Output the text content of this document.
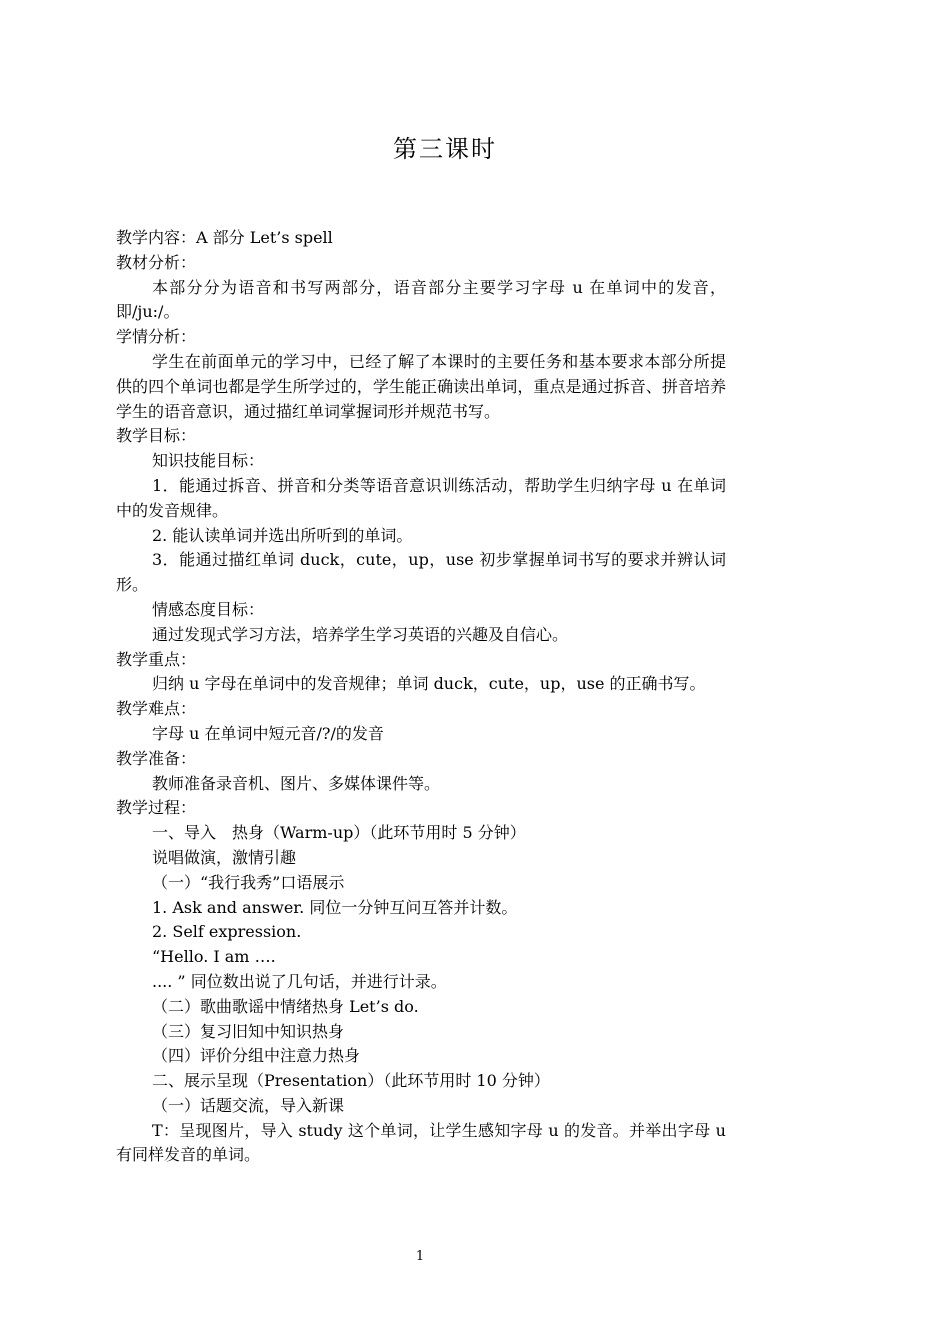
第三课时

教学内容：A 部分 Let’s spell

教材分析：

本部分分为语音和书写两部分，语音部分主要学习字母 u 在单词中的发音，即/ju:/。

学情分析：

学生在前面单元的学习中，已经了解了本课时的主要任务和基本要求本部分所提供的四个单词也都是学生所学过的，学生能正确读出单词，重点是通过拆音、拼音培养学生的语音意识，通过描红单词掌握词形并规范书写。

教学目标：

知识技能目标：

1．能通过拆音、拼音和分类等语音意识训练活动，帮助学生归纳字母 u 在单词中的发音规律。

2. 能认读单词并选出所听到的单词。

3．能通过描红单词 duck，cute，up，use 初步掌握单词书写的要求并辨认词形。

情感态度目标：

通过发现式学习方法，培养学生学习英语的兴趣及自信心。

教学重点：

归纳 u 字母在单词中的发音规律；单词 duck，cute，up，use 的正确书写。

教学难点：

字母 u 在单词中短元音/?/的发音

教学准备：

教师准备录音机、图片、多媒体课件等。

教学过程：

一、导入　热身（Warm-up）（此环节用时 5 分钟）

说唱做演，激情引趣

（一）“我行我秀”口语展示

1. Ask and answer. 同位一分钟互问互答并计数。

2. Self expression.

“Hello. I am ….

.... ” 同位数出说了几句话，并进行计录。

（二）歌曲歌谣中情绪热身 Let’s do.

（三）复习旧知中知识热身

（四）评价分组中注意力热身

二、展示呈现（Presentation）（此环节用时 10 分钟）

（一）话题交流，导入新课

T：呈现图片，导入 study 这个单词，让学生感知字母 u 的发音。并举出字母 u 有同样发音的单词。

1
